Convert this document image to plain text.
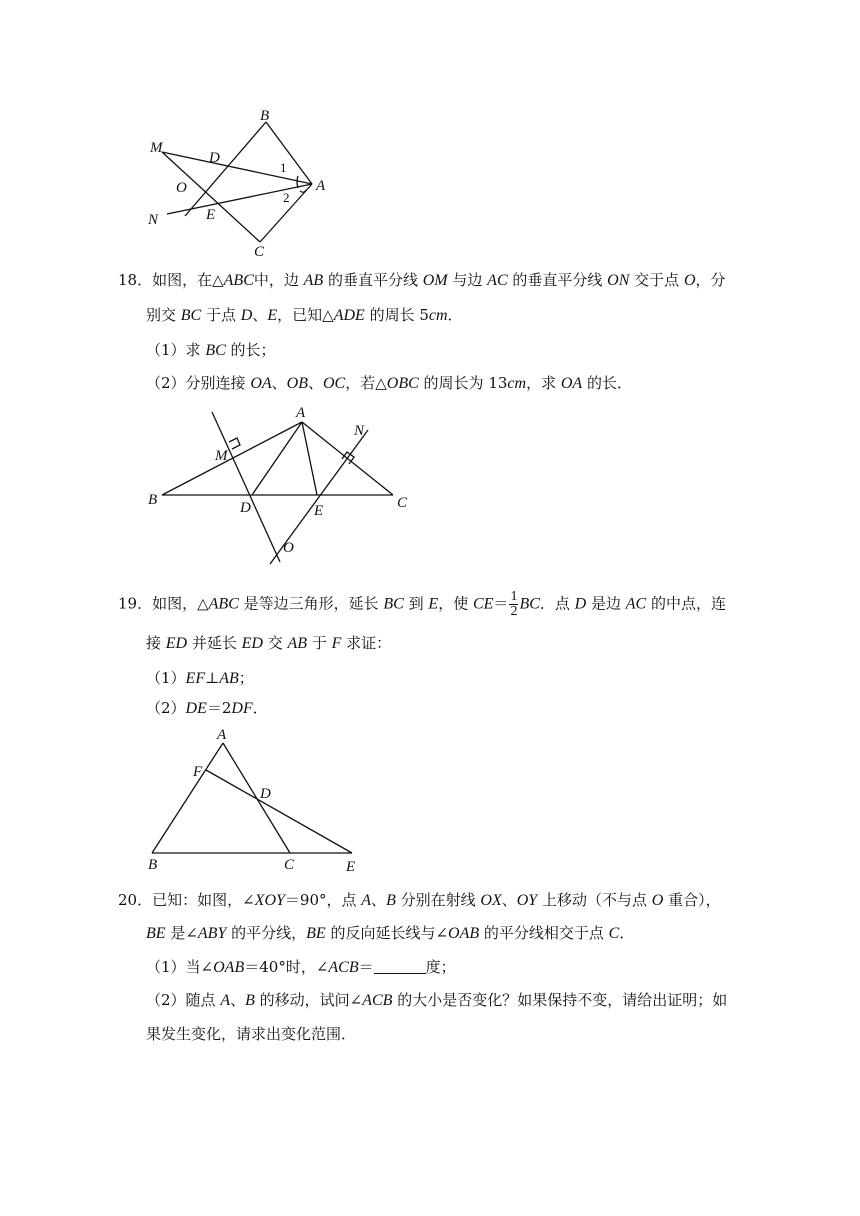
B
M
D
O	A
N	E
C
1
2
18．如图，在△ABC中，边 AB 的垂直平分线 OM 与边 AC 的垂直平分线 ON 交于点 O，分
别交 BC 于点 D、E，已知△ADE 的周长 5cm．
（1）求 BC 的长；
（2）分别连接 OA、OB、OC，若△OBC 的周长为 13cm，求 OA 的长．
A
M
N
B	D	E	C
O
19．如图，△ABC 是等边三角形，延长 BC 到 E，使 $CE= \frac{1}{2}$ BC．点 D 是边 AC 的中点，连
接 ED 并延长 ED 交 AB 于 F 求证：
（1）EF⊥AB；
（2）DE＝2DF．
A
F
D
B	C	E
20．已知：如图，∠XOY＝90°，点 A、B 分别在射线 OX、OY 上移动（不与点 O 重合），
BE 是∠ABY 的平分线，BE 的反向延长线与∠OAB 的平分线相交于点 C．
（1）当∠OAB＝40°时，∠ACB＝	度；
（2）随点 A、B 的移动，试问∠ACB 的大小是否变化？如果保持不变，请给出证明；如
果发生变化，请求出变化范围．
